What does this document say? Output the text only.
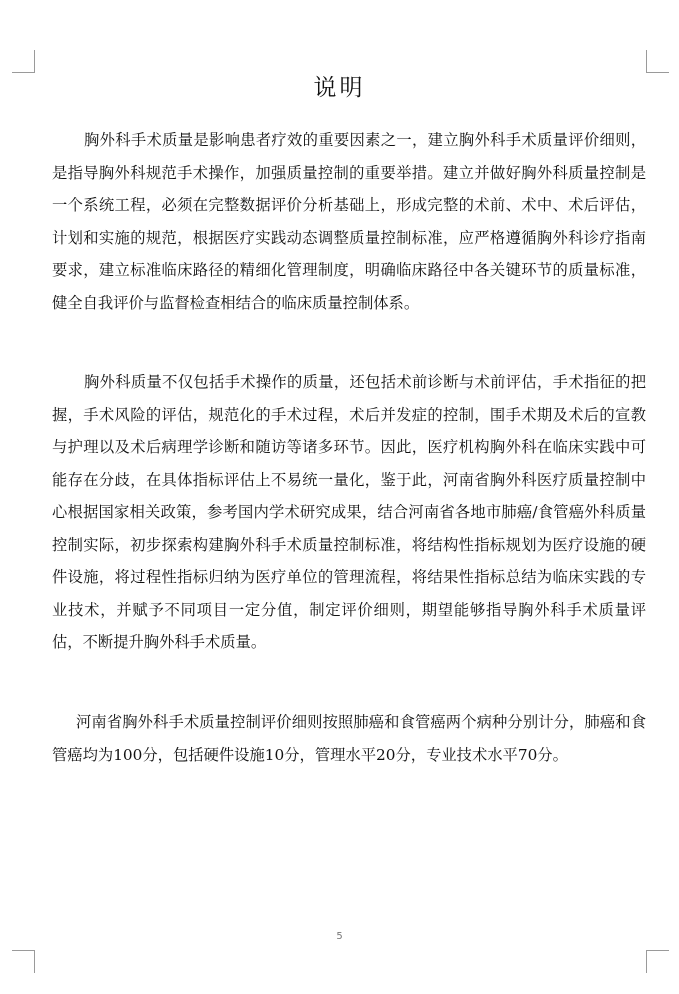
说明

胸外科手术质量是影响患者疗效的重要因素之一，建立胸外科手术质量评价细则，是指导胸外科规范手术操作，加强质量控制的重要举措。建立并做好胸外科质量控制是一个系统工程，必须在完整数据评价分析基础上，形成完整的术前、术中、术后评估，计划和实施的规范，根据医疗实践动态调整质量控制标准，应严格遵循胸外科诊疗指南要求，建立标准临床路径的精细化管理制度，明确临床路径中各关键环节的质量标准，健全自我评价与监督检查相结合的临床质量控制体系。

胸外科质量不仅包括手术操作的质量，还包括术前诊断与术前评估，手术指征的把握，手术风险的评估，规范化的手术过程，术后并发症的控制，围手术期及术后的宣教与护理以及术后病理学诊断和随访等诸多环节。因此，医疗机构胸外科在临床实践中可能存在分歧，在具体指标评估上不易统一量化，鉴于此，河南省胸外科医疗质量控制中心根据国家相关政策，参考国内学术研究成果，结合河南省各地市肺癌/食管癌外科质量控制实际，初步探索构建胸外科手术质量控制标准，将结构性指标规划为医疗设施的硬件设施，将过程性指标归纳为医疗单位的管理流程，将结果性指标总结为临床实践的专业技术，并赋予不同项目一定分值，制定评价细则，期望能够指导胸外科手术质量评估，不断提升胸外科手术质量。

河南省胸外科手术质量控制评价细则按照肺癌和食管癌两个病种分别计分，肺癌和食管癌均为100分，包括硬件设施10分，管理水平20分，专业技术水平70分。

5
